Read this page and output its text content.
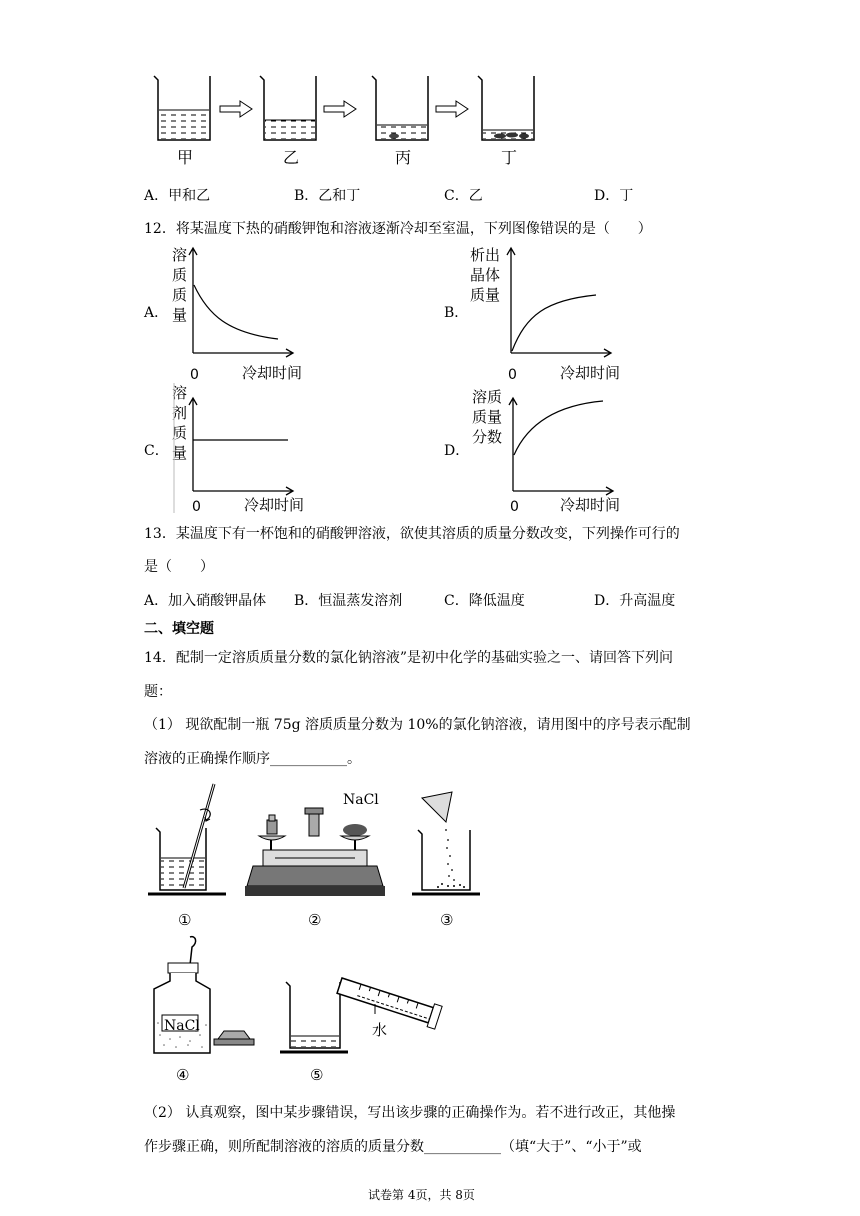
甲	乙	丙	丁
A．甲和乙	B．乙和丁	C．乙	D．丁
12．将某温度下热的硝酸钾饱和溶液逐渐冷却至室温，下列图像错误的是（　　）
A．
溶
质
质
量
0	冷却时间
B．
析出
晶体
质量
0	冷却时间
C．
溶
剂
质
量
0	冷却时间
D．
溶质
质量
分数
0	冷却时间
13．某温度下有一杯饱和的硝酸钾溶液，欲使其溶质的质量分数改变，下列操作可行的
是（　　）
A．加入硝酸钾晶体 B．恒温蒸发溶剂	C．降低温度	D．升高温度
二、填空题
14．配制一定溶质质量分数的氯化钠溶液”是初中化学的基础实验之一、请回答下列问
题：
（1） 现欲配制一瓶 75g 溶质质量分数为 10%的氯化钠溶液，请用图中的序号表示配制
溶液的正确操作顺序___________。
①
NaCl
②	③
NaCl
④
水
⑤
（2） 认真观察，图中某步骤错误，写出该步骤的正确操作为。若不进行改正，其他操
作步骤正确，则所配制溶液的溶质的质量分数___________（填“大于”、“小于”或
试卷第 4页，共 8页
